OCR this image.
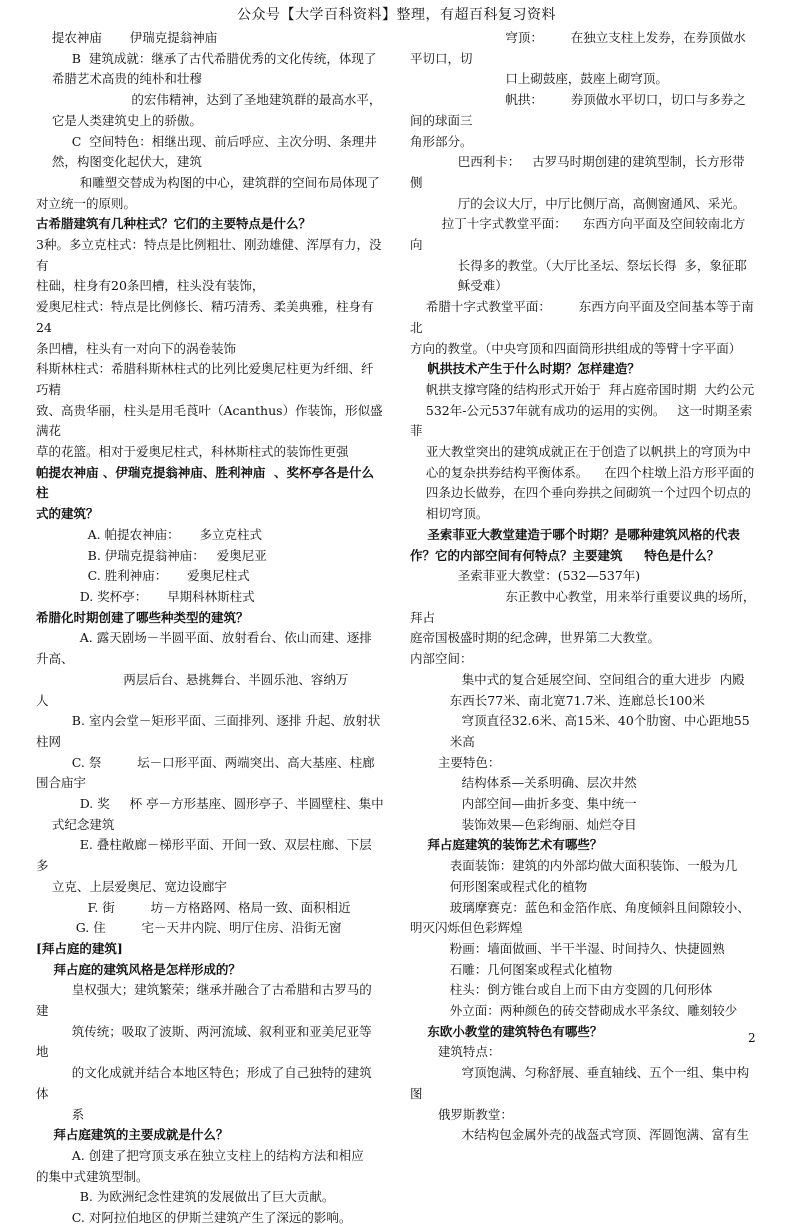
公众号【大学百科资料】整理，有超百科复习资料

提农神庙       伊瑞克提翁神庙

B  建筑成就：继承了古代希腊优秀的文化传统，体现了

希腊艺术高贵的纯朴和壮穆

的宏伟精神，达到了圣地建筑群的最高水平，

它是人类建筑史上的骄傲。

C  空间特色：相继出现、前后呼应、主次分明、条理井

然，构图变化起伏大，建筑

和雕塑交替成为构图的中心，建筑群的空间布局体现了

对立统一的原则。

古希腊建筑有几种柱式？它们的主要特点是什么？

3种。多立克柱式：特点是比例粗壮、刚劲雄健、浑厚有力，没有

柱础，柱身有20条凹槽，柱头没有装饰，

爱奥尼柱式：特点是比例修长、精巧清秀、柔美典雅，柱身有  24

条凹槽，柱头有一对向下的涡卷装饰

科斯林柱式：希腊科斯林柱式的比列比爱奥尼柱更为纤细、纤巧精

致、高贵华丽，柱头是用毛莨叶（Acanthus）作装饰，形似盛满花

草的花篮。相对于爱奥尼柱式，科林斯柱式的装饰性更强

帕提农神庙 、伊瑞克提翁神庙、胜利神庙  、奖杯亭各是什么柱

式的建筑？

A. 帕提农神庙：     多立克柱式

B. 伊瑞克提翁神庙：   爱奥尼亚

C. 胜利神庙：     爱奥尼柱式

D. 奖杯亭：     早期科林斯柱式

希腊化时期创建了哪些种类型的建筑？

A. 露天剧场－半圆平面、放射看台、依山而建、逐排升高、

两层后台、悬挑舞台、半圆乐池、容纳万

人

B. 室内会堂－矩形平面、三面排列、逐排 升起、放射状

柱网

C. 祭         坛－口形平面、两端突出、高大基座、柱廊

围合庙宇

D. 奖     杯 亭－方形基座、圆形亭子、半圆壁柱、集中

式纪念建筑

E. 叠柱敞廊－梯形平面、开间一致、双层柱廊、下层多

立克、上层爱奥尼、宽边设廊宇

F. 街         坊－方格路网、格局一致、面积相近

G. 住         宅－天井内院、明厅住房、沿街无窗

[拜占庭的建筑]

拜占庭的建筑风格是怎样形成的？

皇权强大；建筑繁荣；继承并融合了古希腊和古罗马的建

筑传统；吸取了波斯、两河流域、叙利亚和亚美尼亚等地

的文化成就并结合本地区特色；形成了自己独特的建筑体

系

拜占庭建筑的主要成就是什么？

A. 创建了把穹顶支承在独立支柱上的结构方法和相应

的集中式建筑型制。

B. 为欧洲纪念性建筑的发展做出了巨大贡献。

C. 对阿拉伯地区的伊斯兰建筑产生了深远的影响。

穹顶：       在独立支柱上发券，在券顶做水平切口，切

口上砌鼓座，鼓座上砌穹顶。

帆拱：       券顶做水平切口，切口与多券之间的球面三

角形部分。

巴西利卡：   古罗马时期创建的建筑型制，长方形带侧

厅的会议大厅，中厅比侧厅高，高侧窗通风、采光。

拉丁十字式教堂平面：    东西方向平面及空间较南北方向

长得多的教堂。（大厅比圣坛、祭坛长得  多，象征耶

稣受难）

希腊十字式教堂平面：       东西方向平面及空间基本等于南北

方向的教堂。（中央穹顶和四面筒形拱组成的等臂十字平面）

帆拱技术产生于什么时期？怎样建造？

帆拱支撑穹隆的结构形式开始于  拜占庭帝国时期  大约公元

532年-公元537年就有成功的运用的实例。   这一时期圣索菲

亚大教堂突出的建筑成就正在于创造了以帆拱上的穹顶为中

心的复杂拱券结构平衡体系。    在四个柱墩上沿方形平面的

四条边长做券，在四个垂向券拱之间砌筑一个过四个切点的

相切穹顶。

圣索菲亚大教堂建造于哪个时期？是哪种建筑风格的代表

作？它的内部空间有何特点？主要建筑     特色是什么？

圣索菲亚大教堂：(532—537年)

东正教中心教堂，用来举行重要议典的场所，拜占

庭帝国极盛时期的纪念碑，世界第二大教堂。

内部空间：

集中式的复合延展空间、空间组合的重大进步  内殿

东西长77米、南北宽71.7米、连廊总长100米

穹顶直径32.6米、高15米、40个肋窗、中心距地55

米高

主要特色：

结构体系—关系明确、层次井然

内部空间—曲折多变、集中统一

装饰效果—色彩绚丽、灿烂夺目

拜占庭建筑的装饰艺术有哪些？

表面装饰：建筑的内外部均做大面积装饰、一般为几

何形图案或程式化的植物

玻璃摩赛克：蓝色和金箔作底、角度倾斜且间隙较小、

明灭闪烁但色彩辉煌

粉画：墙面做画、半干半湿、时间持久、快捷圆熟

石雕：几何图案或程式化植物

柱头：倒方锥台或自上而下由方变圆的几何形体

外立面：两种颜色的砖交替砌成水平条纹、雕刻较少

东欧小教堂的建筑特色有哪些？

建筑特点：

穹顶饱满、匀称舒展、垂直轴线、五个一组、集中构

图

俄罗斯教堂：

木结构包金属外壳的战盔式穹顶、浑圆饱满、富有生

2
